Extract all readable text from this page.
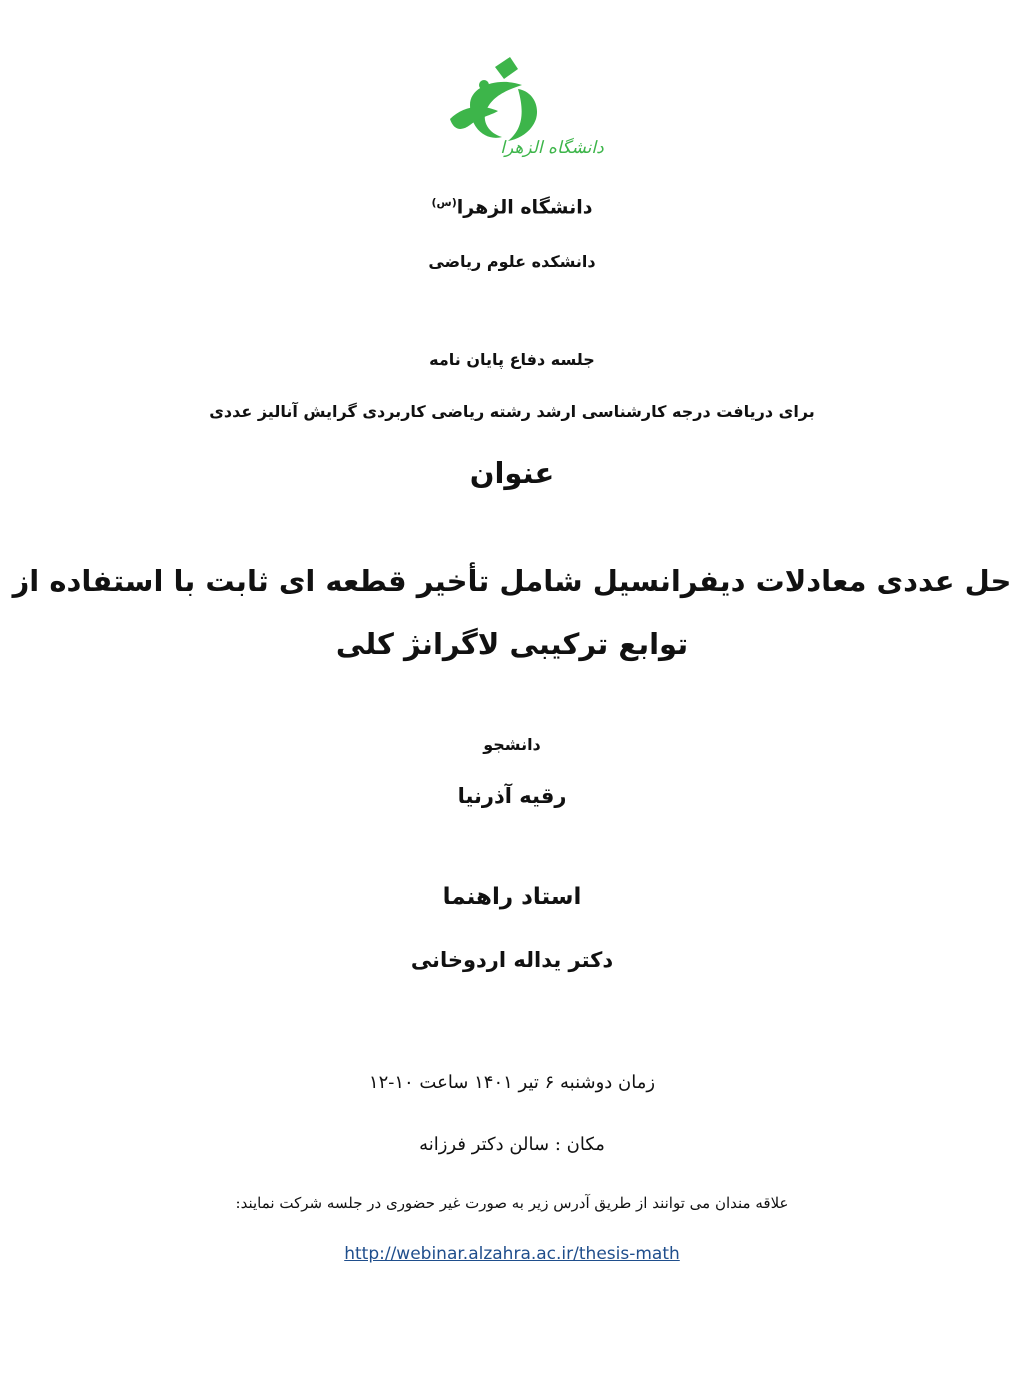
دانشگاه الزهرا
دانشگاه الزهرا$^{(س)}$
دانشکده علوم ریاضی
جلسه دفاع پایان نامه
برای دریافت درجه کارشناسی ارشد رشته ریاضی کاربردی گرایش آنالیز عددی
عنوان
حل عددی معادلات دیفرانسیل شامل تأخیر قطعه ای ثابت با استفاده از
توابع ترکیبی لاگرانژ کلی
دانشجو
رقیه آذرنیا
استاد راهنما
دکتر یداله اردوخانی
زمان دوشنبه ۶ تیر ۱۴۰۱ ساعت ۱۰-۱۲
مکان : سالن دکتر فرزانه
علاقه مندان می توانند از طریق آدرس زیر به صورت غیر حضوری در جلسه شرکت نمایند:
http://webinar.alzahra.ac.ir/thesis-math
